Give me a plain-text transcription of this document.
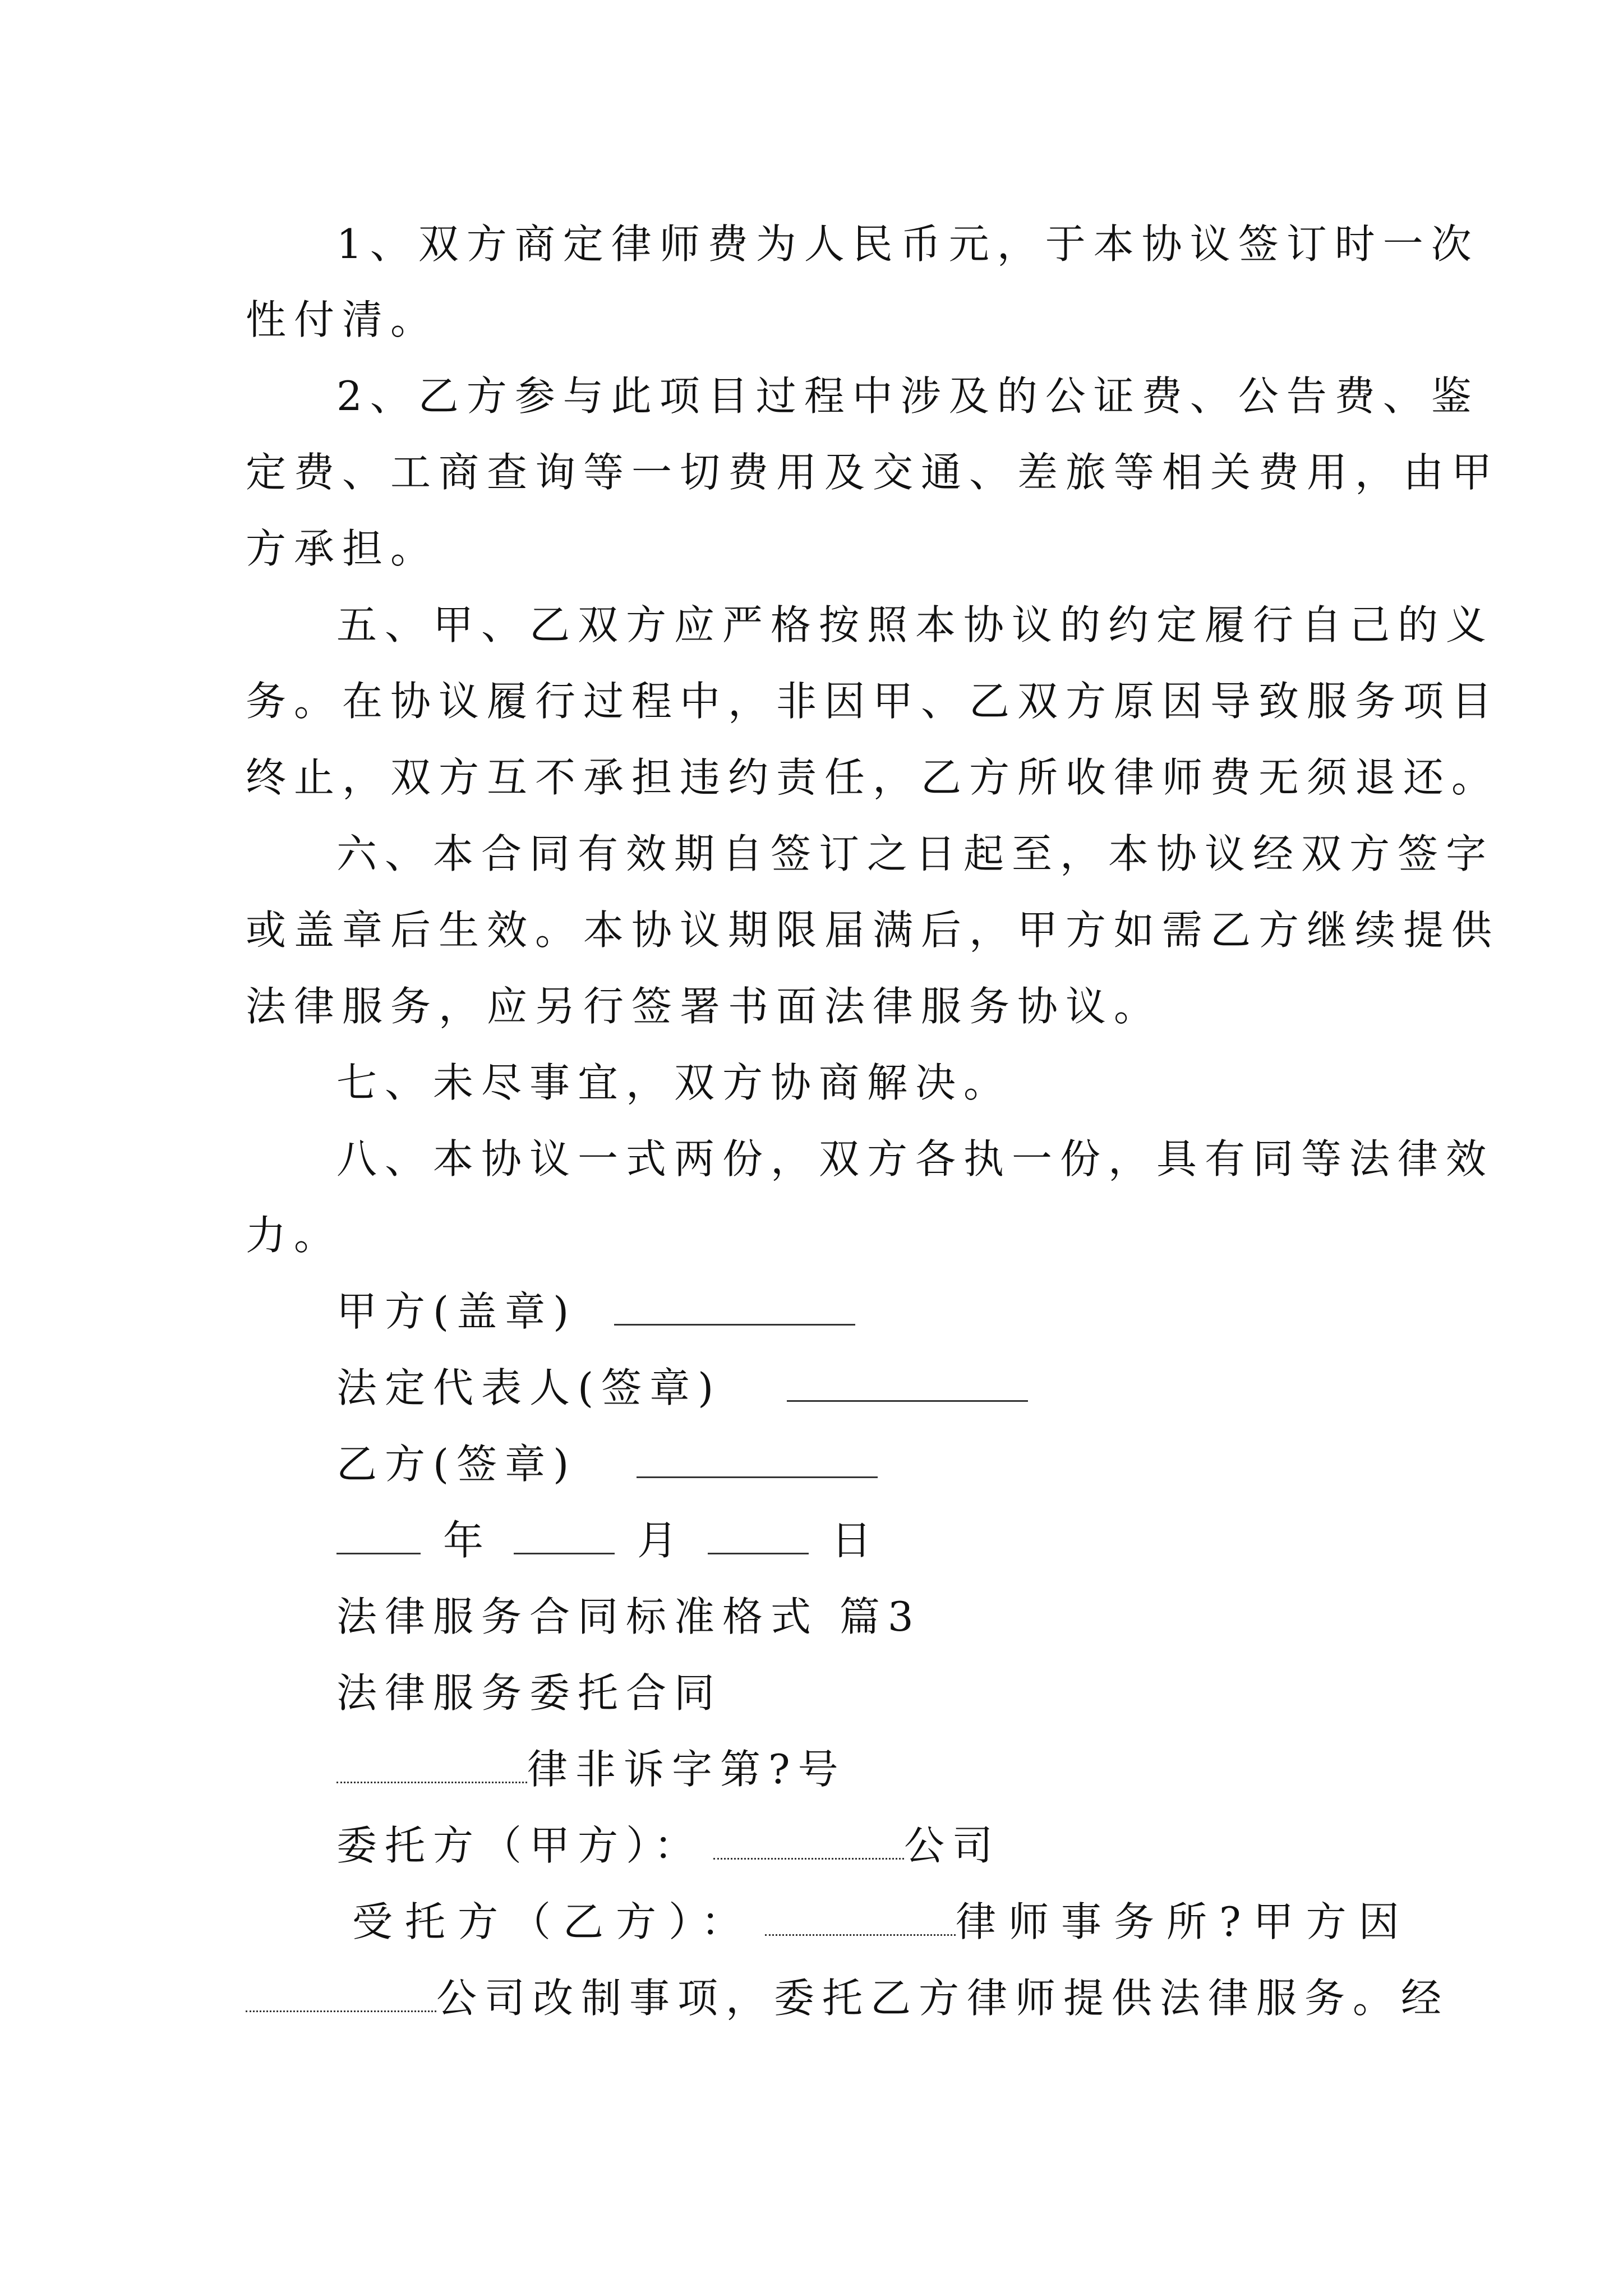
1、双方商定律师费为人民币元，于本协议签订时一次
性付清。
2、乙方参与此项目过程中涉及的公证费、公告费、鉴
定费、工商查询等一切费用及交通、差旅等相关费用，由甲
方承担。
五、甲、乙双方应严格按照本协议的约定履行自己的义
务。在协议履行过程中，非因甲、乙双方原因导致服务项目
终止，双方互不承担违约责任，乙方所收律师费无须退还。
六、本合同有效期自签订之日起至，本协议经双方签字
或盖章后生效。本协议期限届满后，甲方如需乙方继续提供
法律服务，应另行签署书面法律服务协议。
七、未尽事宜，双方协商解决。
八、本协议一式两份，双方各执一份，具有同等法律效
力。
甲方(盖章)
法定代表人(签章)
乙方(签章)
年	月	日
法律服务合同标准格式 篇3
法律服务委托合同
律非诉字第?号
委托方（甲方）：	公司
受托方（乙方）：	律师事务所?甲方因
公司改制事项，委托乙方律师提供法律服务。经
